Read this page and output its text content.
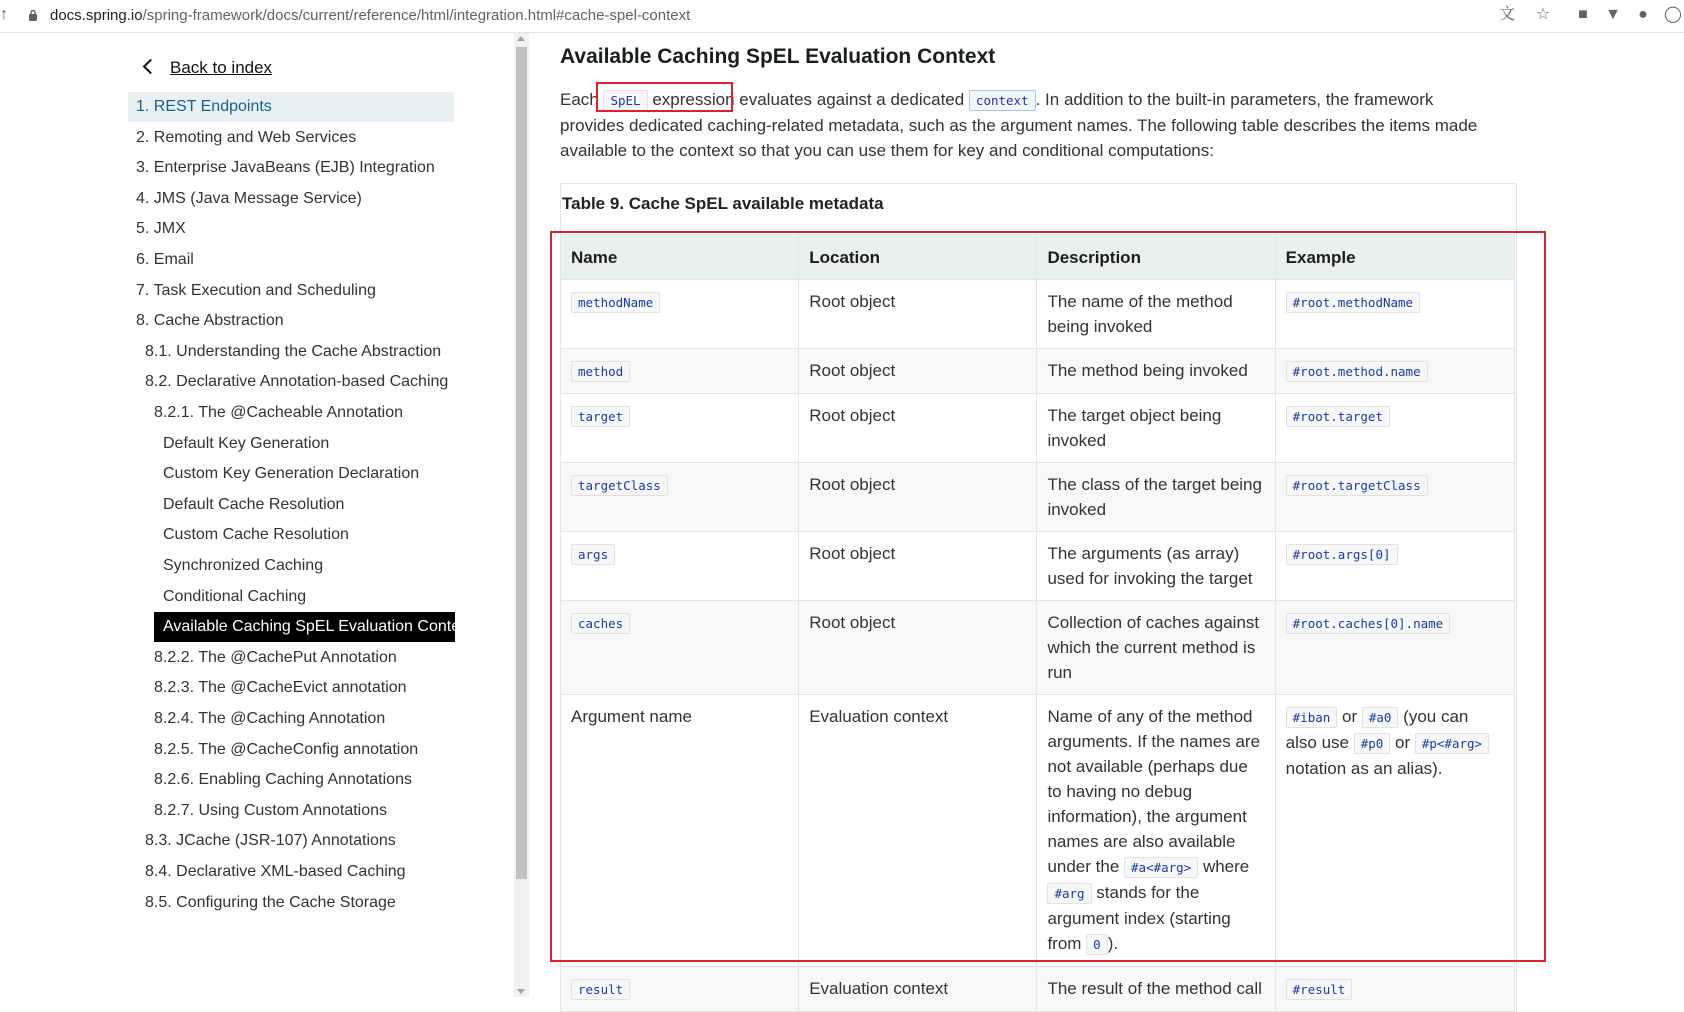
↑	docs.spring.io/spring-framework/docs/current/reference/html/integration.html#cache-spel-context	文 ☆ ■ ▼ ● ◯
Back to index
1. REST Endpoints
2. Remoting and Web Services
3. Enterprise JavaBeans (EJB) Integration
4. JMS (Java Message Service)
5. JMX
6. Email
7. Task Execution and Scheduling
8. Cache Abstraction
8.1. Understanding the Cache Abstraction
8.2. Declarative Annotation-based Caching
8.2.1. The @Cacheable Annotation
Default Key Generation
Custom Key Generation Declaration
Default Cache Resolution
Custom Cache Resolution
Synchronized Caching
Conditional Caching
Available Caching SpEL Evaluation Context
8.2.2. The @CachePut Annotation
8.2.3. The @CacheEvict annotation
8.2.4. The @Caching Annotation
8.2.5. The @CacheConfig annotation
8.2.6. Enabling Caching Annotations
8.2.7. Using Custom Annotations
8.3. JCache (JSR-107) Annotations
8.4. Declarative XML-based Caching
8.5. Configuring the Cache Storage
Available Caching SpEL Evaluation Context
Each SpEL expression evaluates against a dedicated context . In addition to the built-in parameters, the framework provides dedicated caching-related metadata, such as the argument names. The following table describes the items made available to the context so that you can use them for key and conditional computations:
Table 9. Cache SpEL available metadata
Name	Location	Description	Example
methodName	Root object	The name of the method being invoked	#root.methodName
method	Root object	The method being invoked	#root.method.name
target	Root object	The target object being invoked	#root.target
targetClass	Root object	The class of the target being invoked	#root.targetClass
args	Root object	The arguments (as array) used for invoking the target	#root.args[0]
caches	Root object	Collection of caches against which the current method is run	#root.caches[0].name
Argument name	Evaluation context	Name of any of the method arguments. If the names are not available (perhaps due to having no debug information), the argument names are also available under the #a<#arg> where #arg stands for the argument index (starting from 0 ).	#iban or #a0 (you can also use #p0 or #p<#arg> notation as an alias).
result	Evaluation context	The result of the method call	#result
